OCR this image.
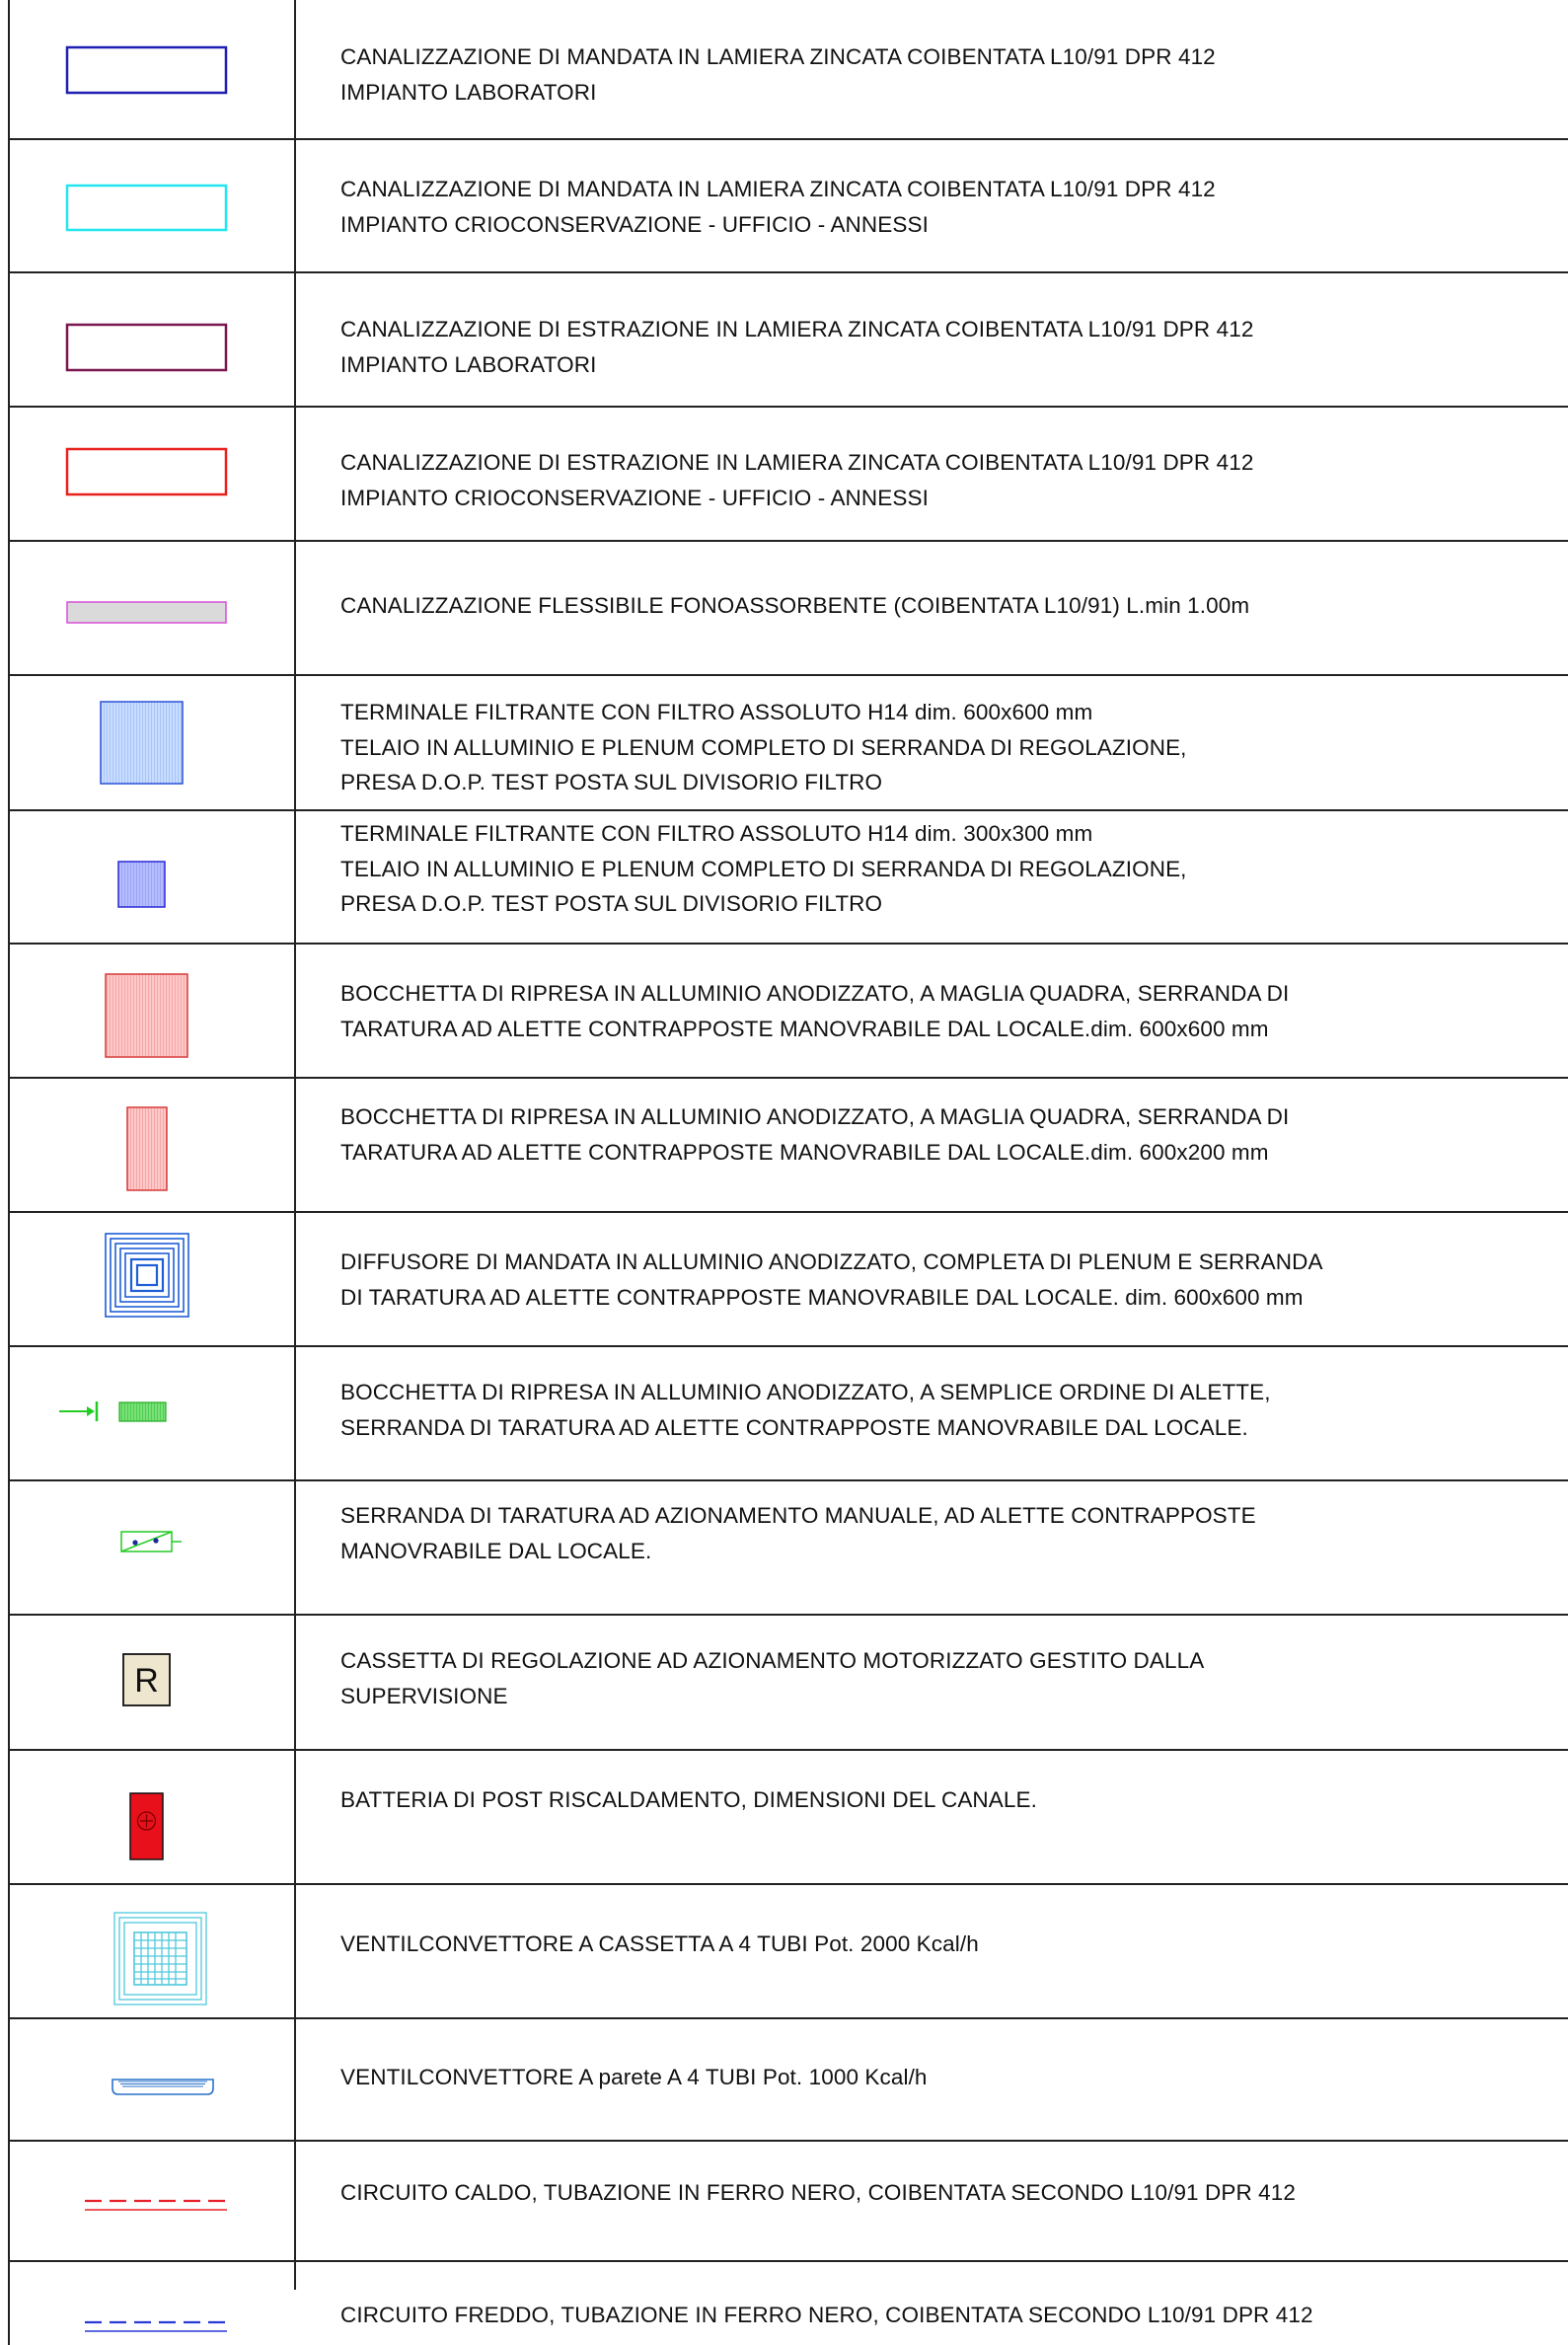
CANALIZZAZIONE DI MANDATA IN LAMIERA ZINCATA COIBENTATA L10/91 DPR 412
IMPIANTO LABORATORI
CANALIZZAZIONE DI MANDATA IN LAMIERA ZINCATA COIBENTATA L10/91 DPR 412
IMPIANTO CRIOCONSERVAZIONE - UFFICIO - ANNESSI
CANALIZZAZIONE DI ESTRAZIONE IN LAMIERA ZINCATA COIBENTATA L10/91 DPR 412
IMPIANTO LABORATORI
CANALIZZAZIONE DI ESTRAZIONE IN LAMIERA ZINCATA COIBENTATA L10/91 DPR 412
IMPIANTO CRIOCONSERVAZIONE - UFFICIO - ANNESSI
CANALIZZAZIONE FLESSIBILE FONOASSORBENTE (COIBENTATA L10/91) L.min 1.00m
TERMINALE FILTRANTE CON FILTRO ASSOLUTO H14 dim. 600x600 mm
TELAIO IN ALLUMINIO E PLENUM COMPLETO DI SERRANDA DI REGOLAZIONE,
PRESA D.O.P. TEST POSTA SUL DIVISORIO FILTRO
TERMINALE FILTRANTE CON FILTRO ASSOLUTO H14 dim. 300x300 mm
TELAIO IN ALLUMINIO E PLENUM COMPLETO DI SERRANDA DI REGOLAZIONE,
PRESA D.O.P. TEST POSTA SUL DIVISORIO FILTRO
BOCCHETTA DI RIPRESA IN ALLUMINIO ANODIZZATO, A MAGLIA QUADRA, SERRANDA DI
TARATURA AD ALETTE CONTRAPPOSTE MANOVRABILE DAL LOCALE.dim. 600x600 mm
BOCCHETTA DI RIPRESA IN ALLUMINIO ANODIZZATO, A MAGLIA QUADRA, SERRANDA DI
TARATURA AD ALETTE CONTRAPPOSTE MANOVRABILE DAL LOCALE.dim. 600x200 mm
DIFFUSORE DI MANDATA IN ALLUMINIO ANODIZZATO, COMPLETA DI PLENUM E SERRANDA
DI TARATURA AD ALETTE CONTRAPPOSTE MANOVRABILE DAL LOCALE. dim. 600x600 mm
BOCCHETTA DI RIPRESA IN ALLUMINIO ANODIZZATO, A SEMPLICE ORDINE DI ALETTE,
SERRANDA DI TARATURA AD ALETTE CONTRAPPOSTE MANOVRABILE DAL LOCALE.
SERRANDA DI TARATURA AD AZIONAMENTO MANUALE, AD ALETTE CONTRAPPOSTE
MANOVRABILE DAL LOCALE.
R
CASSETTA DI REGOLAZIONE AD AZIONAMENTO MOTORIZZATO GESTITO DALLA
SUPERVISIONE
BATTERIA DI POST RISCALDAMENTO, DIMENSIONI DEL CANALE.
VENTILCONVETTORE A CASSETTA A 4 TUBI Pot. 2000 Kcal/h
VENTILCONVETTORE A parete A 4 TUBI Pot. 1000 Kcal/h
CIRCUITO CALDO, TUBAZIONE IN FERRO NERO, COIBENTATA SECONDO L10/91 DPR 412
CIRCUITO FREDDO, TUBAZIONE IN FERRO NERO, COIBENTATA SECONDO L10/91 DPR 412
